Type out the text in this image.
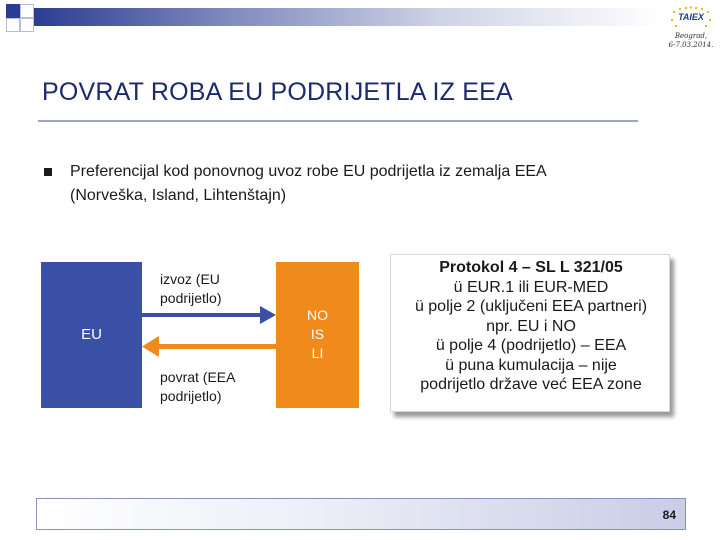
TAIEX
Beograd,
6-7.03.2014.
POVRAT ROBA EU PODRIJETLA IZ EEA
Preferencijal kod ponovnog uvoz robe EU podrijetla iz zemalja EEA
(Norveška, Island, Lihtenštajn)
EU
NO
IS
LI
izvoz (EU
podrijetlo)
povrat (EEA
podrijetlo)
Protokol 4 – SL L 321/05
ü EUR.1 ili EUR-MED
ü polje 2 (uključeni EEA partneri)
npr. EU i NO
ü polje 4 (podrijetlo) – EEA
ü puna kumulacija – nije
podrijetlo države već EEA zone
84
